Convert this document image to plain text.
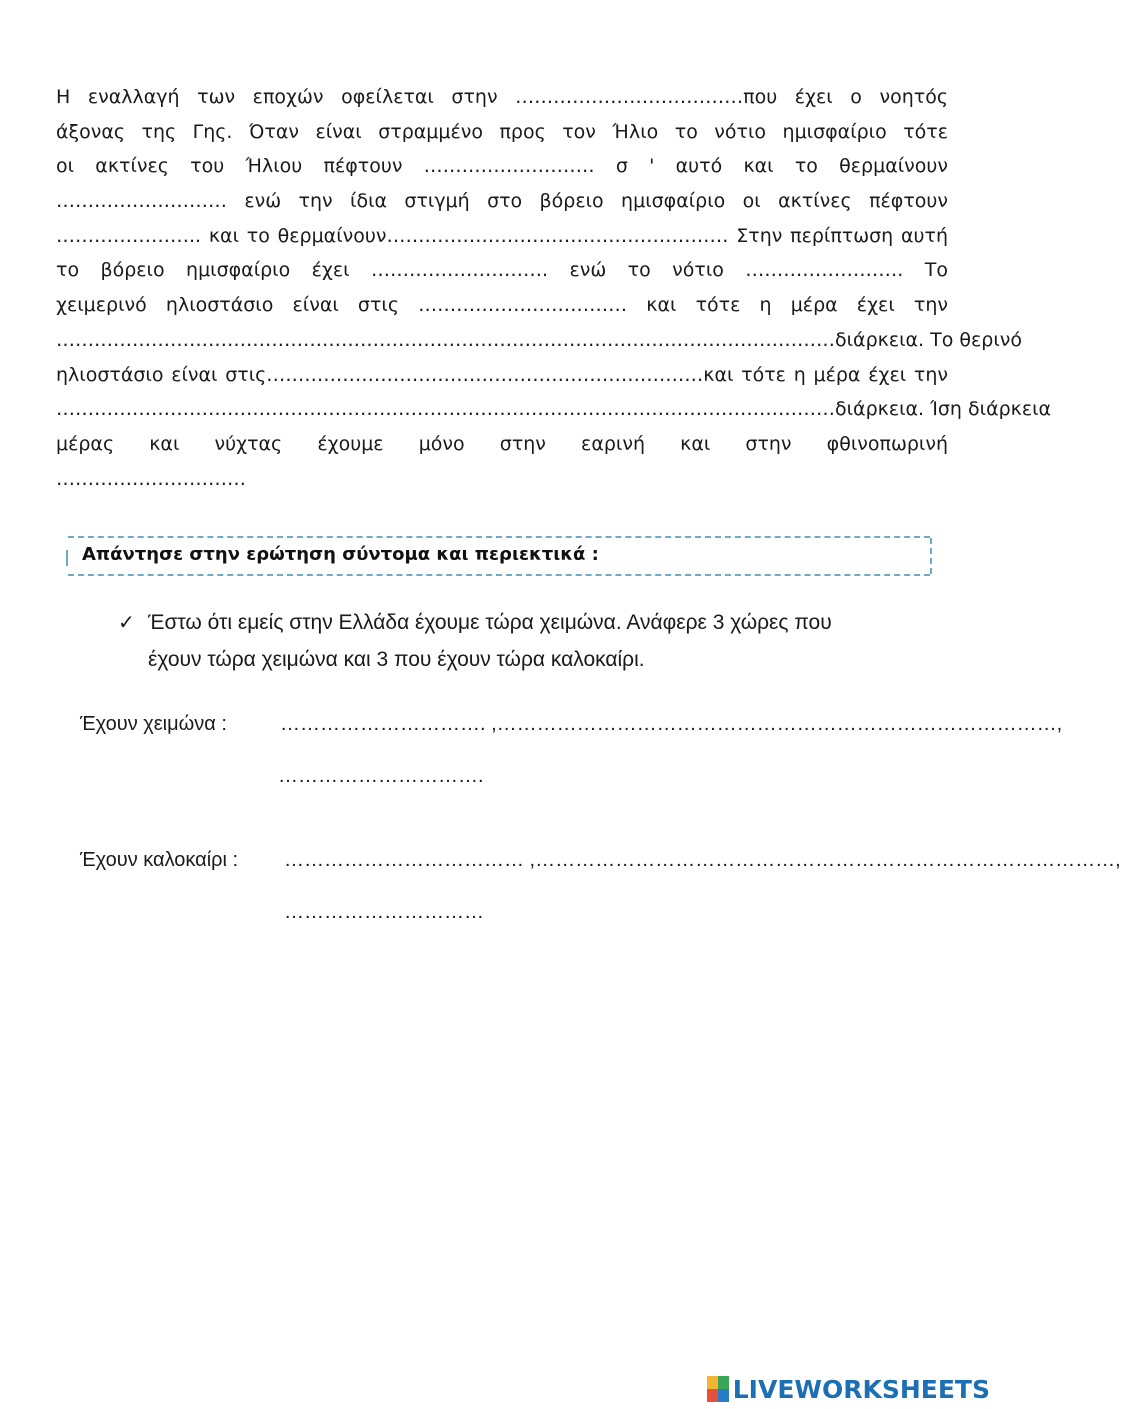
Η εναλλαγή των εποχών οφείλεται στην ………………………………που έχει ο νοητός
άξονας της Γης. Όταν είναι στραμμένο προς τον Ήλιο το νότιο ημισφαίριο τότε
οι ακτίνες του Ήλιου πέφτουν ……………………… σ ' αυτό και το θερμαίνουν
……………………… ενώ την ίδια στιγμή στο βόρειο ημισφαίριο οι ακτίνες πέφτουν
………………….. και το θερμαίνουν……………………………………………… Στην περίπτωση αυτή
το βόρειο ημισφαίριο έχει ………………………. ενώ το νότιο ……………………. Το
χειμερινό ηλιοστάσιο είναι στις …………………………… και τότε η μέρα έχει την
……………………………………………………………………………………………………………διάρκεια. Το θερινό
ηλιοστάσιο είναι στις……………………………………………………………και τότε η μέρα έχει την
……………………………………………………………………………………………………………διάρκεια. Ίση διάρκεια
μέρας και νύχτας έχουμε μόνο στην εαρινή και στην φθινοπωρινή
…………………………
Απάντησε στην ερώτηση σύντομα και περιεκτικά :
✓ Έστω ότι εμείς στην Ελλάδα έχουμε τώρα χειμώνα. Ανάφερε 3 χώρες που έχουν τώρα χειμώνα και 3 που έχουν τώρα καλοκαίρι.
Έχουν χειμώνα :	…………………………. ,…………………………………………………………………………,
………………………….
Έχουν καλοκαίρι : ……………………………… ,……………………………………………………………………………,
…………………………
LIVEWORKSHEETS
